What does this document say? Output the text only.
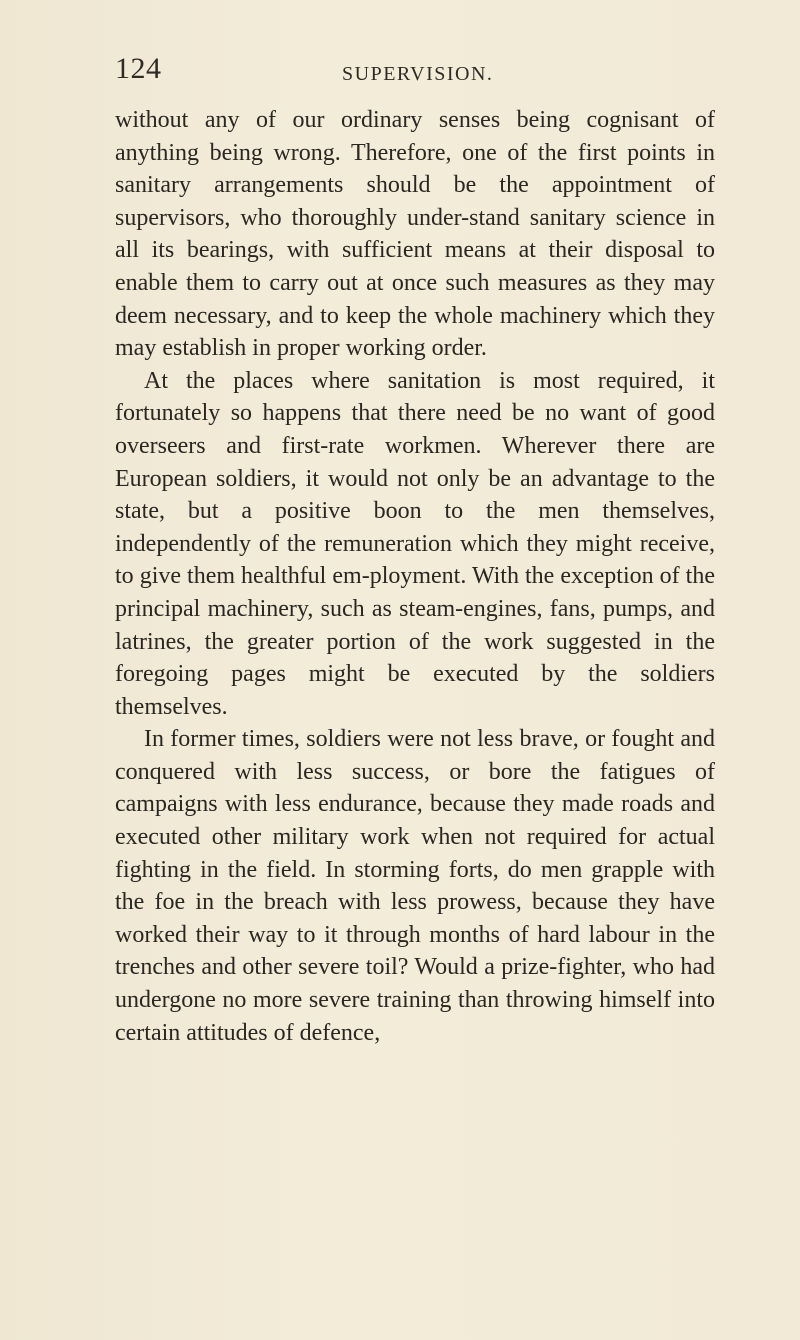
124	SUPERVISION.

without any of our ordinary senses being cognisant of anything being wrong. Therefore, one of the first points in sanitary arrangements should be the appointment of supervisors, who thoroughly under-stand sanitary science in all its bearings, with sufficient means at their disposal to enable them to carry out at once such measures as they may deem necessary, and to keep the whole machinery which they may establish in proper working order.

At the places where sanitation is most required, it fortunately so happens that there need be no want of good overseers and first-rate workmen. Wherever there are European soldiers, it would not only be an advantage to the state, but a positive boon to the men themselves, independently of the remuneration which they might receive, to give them healthful em-ployment. With the exception of the principal machinery, such as steam-engines, fans, pumps, and latrines, the greater portion of the work suggested in the foregoing pages might be executed by the soldiers themselves.

In former times, soldiers were not less brave, or fought and conquered with less success, or bore the fatigues of campaigns with less endurance, because they made roads and executed other military work when not required for actual fighting in the field. In storming forts, do men grapple with the foe in the breach with less prowess, because they have worked their way to it through months of hard labour in the trenches and other severe toil? Would a prize-fighter, who had undergone no more severe training than throwing himself into certain attitudes of defence,
